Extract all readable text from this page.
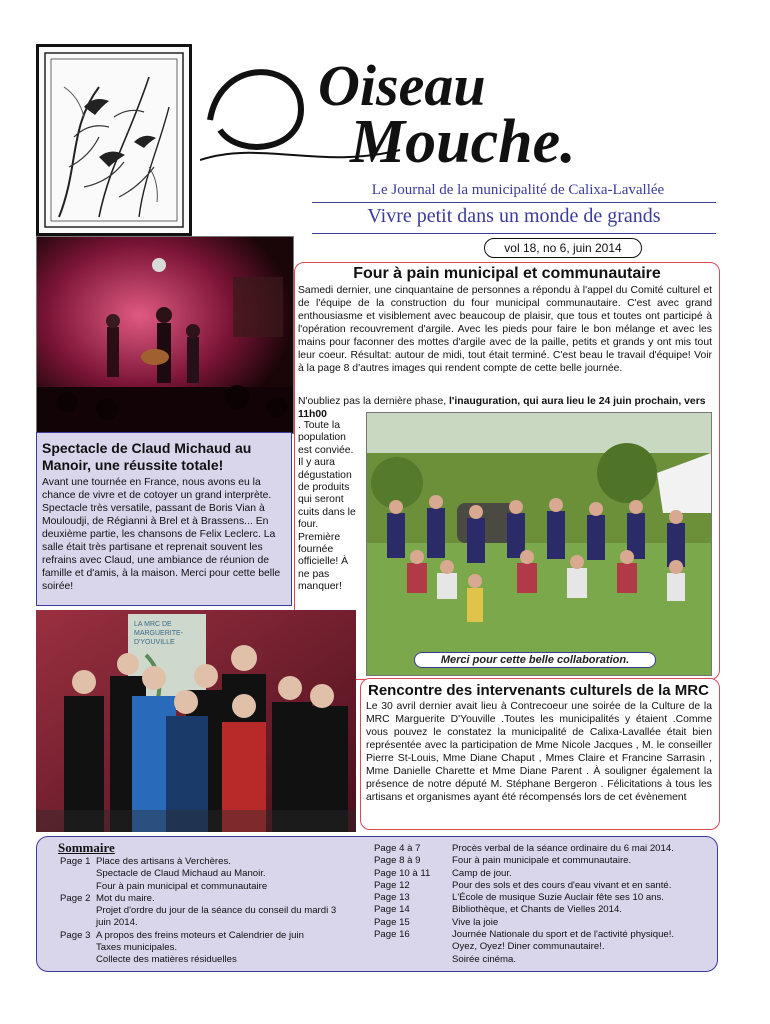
Oiseau
Mouche.
Le Journal de la municipalité de Calixa-Lavallée
Vivre petit dans un monde de grands
vol 18, no 6, juin 2014
Spectacle de Claud Michaud au Manoir, une réussite totale!
Avant une tournée en France, nous avons eu la chance de vivre et de cotoyer un grand interprète. Spectacle très versatile, passant de Boris Vian à Mouloudji, de Régianni à Brel et à Brassens... En deuxième partie, les chansons de Felix Leclerc. La salle était très partisane et reprenait souvent les refrains avec Claud, une ambiance de réunion de famille et d'amis, à la maison. Merci pour cette belle soirée!
Four à pain municipal et communautaire
Samedi dernier, une cinquantaine de personnes a répondu à l'appel du Comité culturel et de l'équipe de la construction du four municipal communautaire. C'est avec grand enthousiasme et visiblement avec beaucoup de plaisir, que tous et toutes ont participé à l'opération recouvrement d'argile. Avec les pieds pour faire le bon mélange et avec les mains pour faconner des mottes d'argile avec de la paille, petits et grands y ont mis tout leur coeur. Résultat: autour de midi, tout était terminé. C'est beau le travail d'équipe! Voir à la page 8 d'autres images qui rendent compte de cette belle journée.
N'oubliez pas la dernière phase, l'inauguration, qui aura lieu le 24 juin prochain, vers 11h00
. Toute la population est conviée. Il y aura dégustation de produits qui seront cuits dans le four. Première fournée officielle! À ne pas manquer!
Merci pour cette belle collaboration.
LA MRC DE
MARGUERITE-
D'YOUVILLE
Rencontre des intervenants culturels de la MRC
Le 30 avril dernier avait lieu à Contrecoeur une soirée de la Culture de la MRC Marguerite D'Youville .Toutes les municipalités y étaient .Comme vous pouvez le constatez la municipalité de Calixa-Lavallée était bien représentée avec la participation de Mme Nicole Jacques , M. le conseiller Pierre St-Louis, Mme Diane Chaput , Mmes Claire et Francine Sarrasin , Mme Danielle Charette et Mme Diane Parent . À souligner également la présence de notre député M. Stéphane Bergeron . Félicitations à tous les artisans et organismes ayant été récompensés lors de cet évènement
Sommaire
Page 1 Place des artisans à Verchères.
Spectacle de Claud Michaud au Manoir.
Four à pain municipal et communautaire
Page 2 Mot du maire.
Projet d'ordre du jour de la séance du conseil du mardi 3 juin 2014.
Page 3 A propos des freins moteurs et Calendrier de juin
Taxes municipales.
Collecte des matières résiduelles
Page 4 à 7	Procès verbal de la séance ordinaire du 6 mai 2014.
Page 8 à 9	Four à pain municipale et communautaire.
Page 10 à 11	Camp de jour.
Page 12	Pour des sols et des cours d'eau vivant et en santé.
Page 13	L'École de musique Suzie Auclair fête ses 10 ans.
Page 14	Bibliothèque, et Chants de Vielles 2014.
Page 15	Vive la joie
Page 16	Journée Nationale du sport et de l'activité physique!.
Oyez, Oyez! Diner communautaire!.
Soirée cinéma.
